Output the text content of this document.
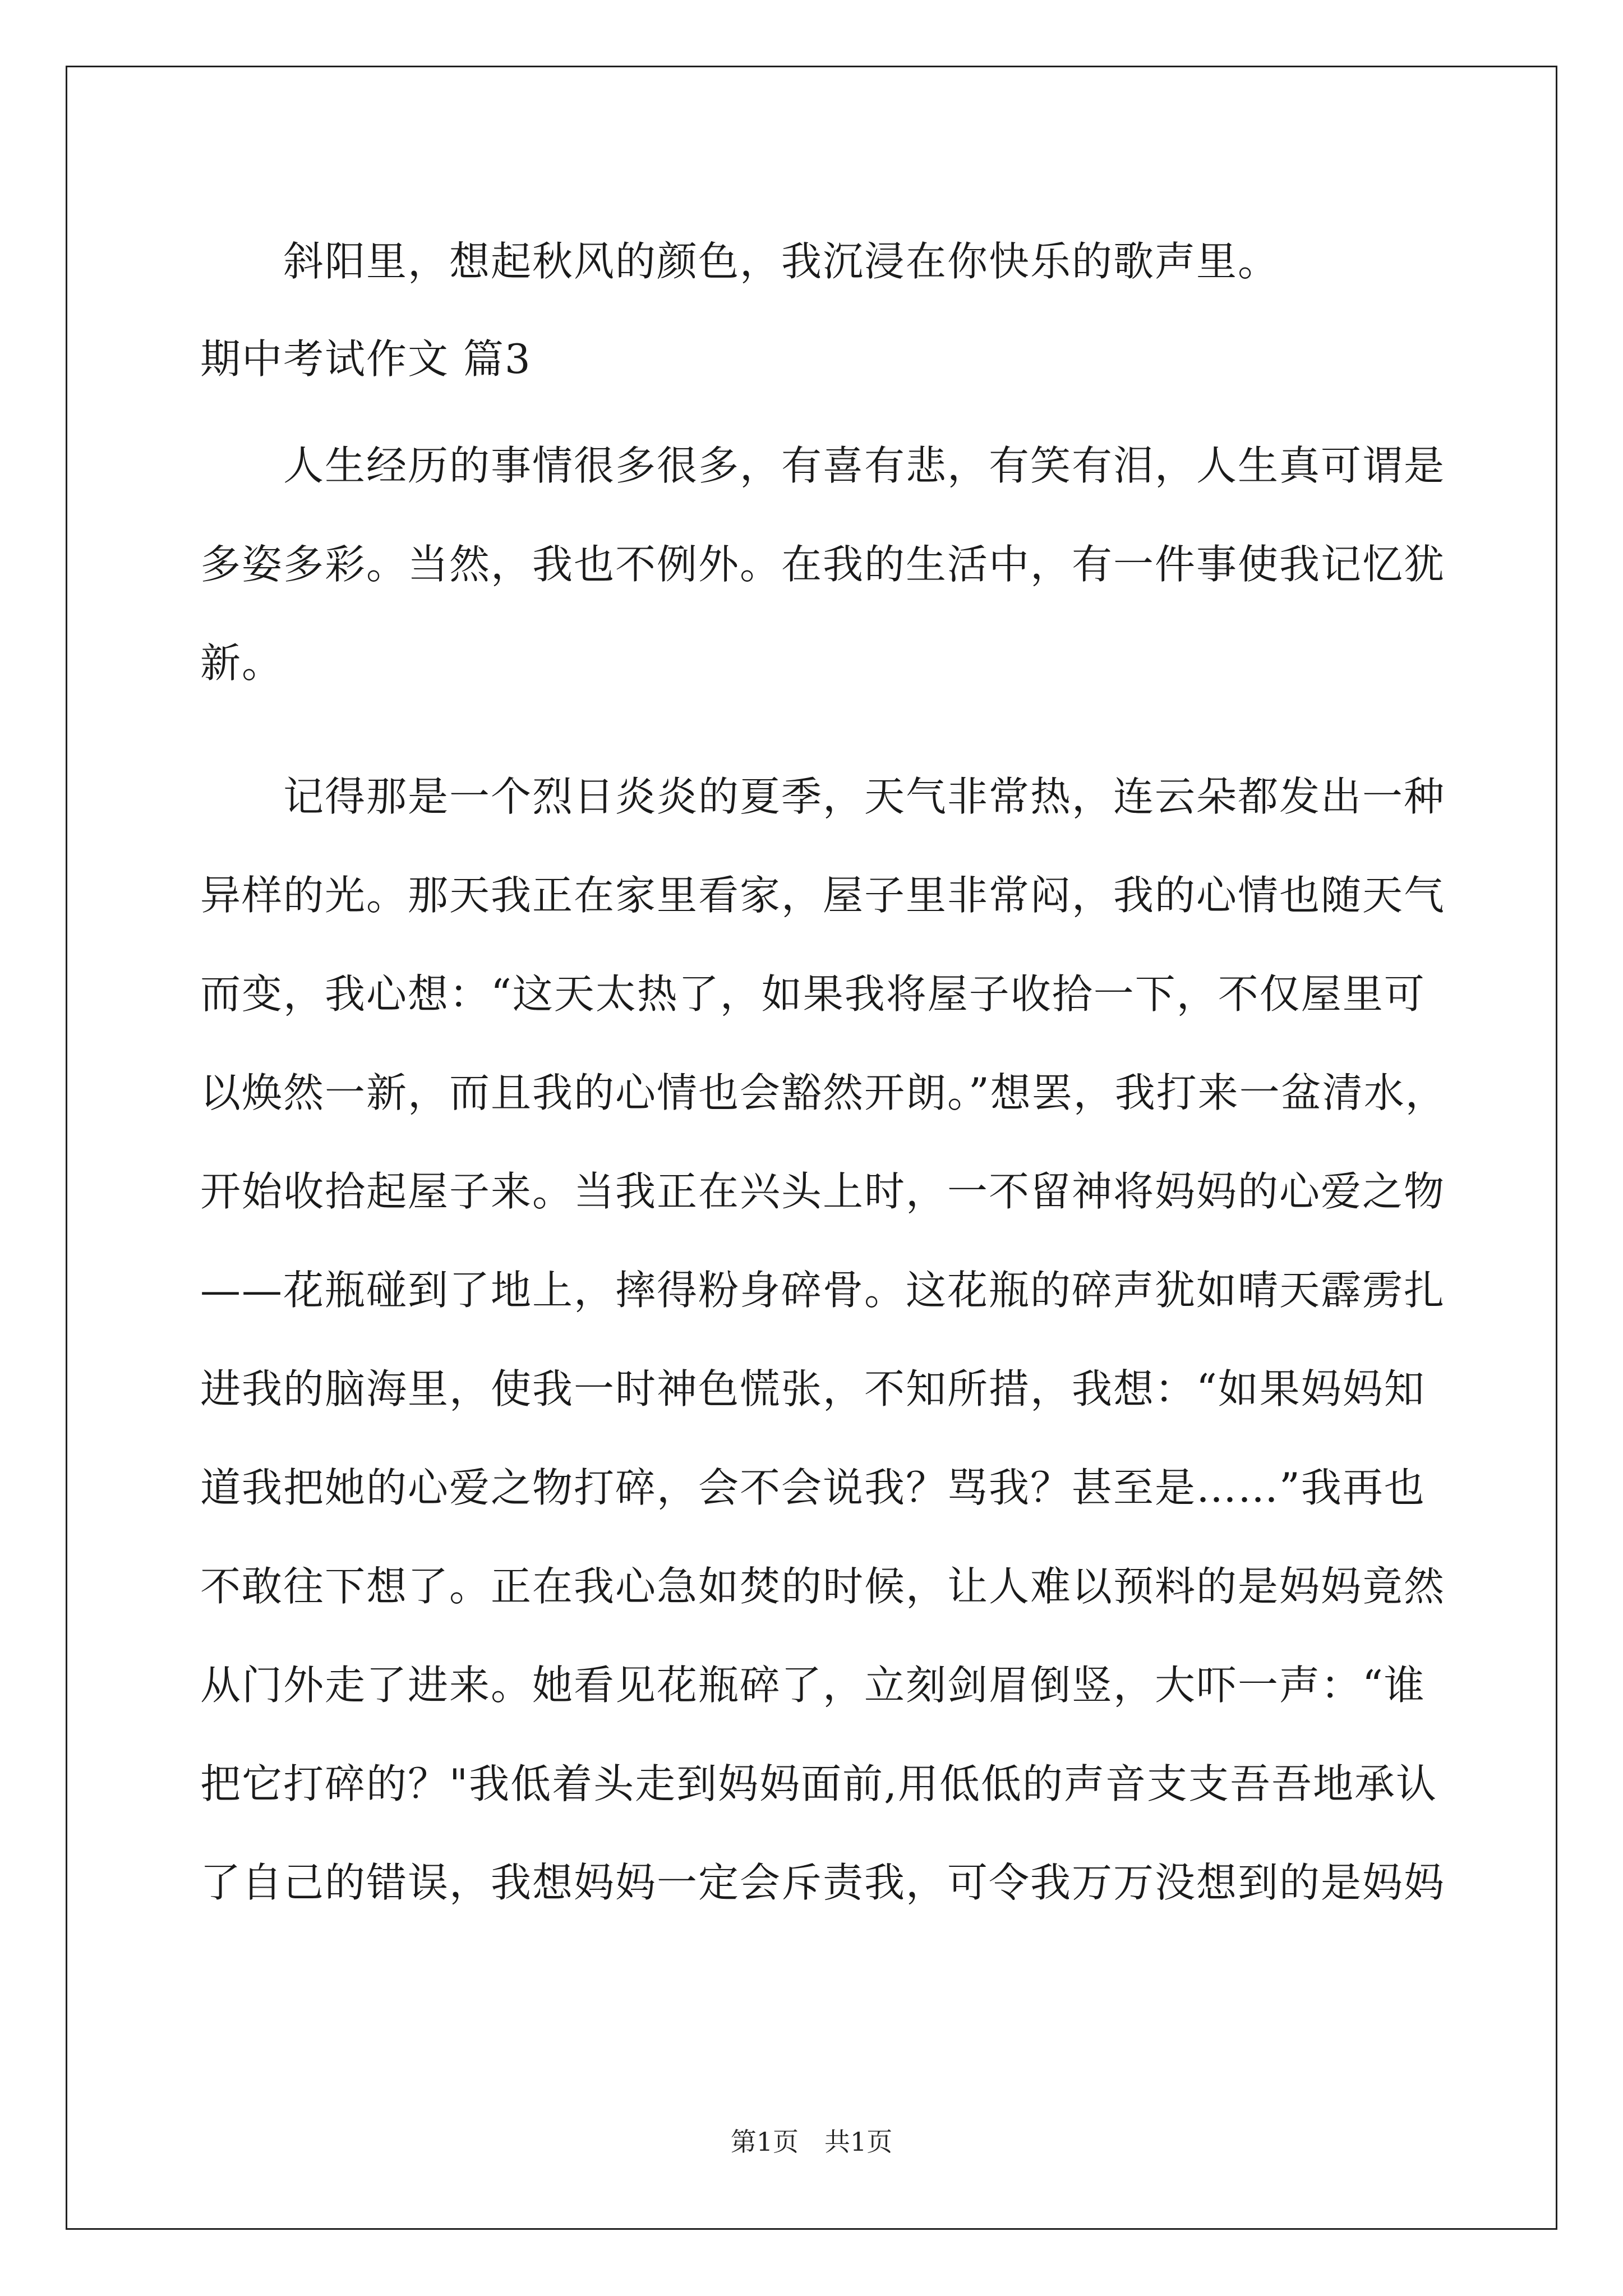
斜阳里，想起秋风的颜色，我沉浸在你快乐的歌声里。
期中考试作文 篇3
人生经历的事情很多很多，有喜有悲，有笑有泪，人生真可谓是
多姿多彩。当然，我也不例外。在我的生活中，有一件事使我记忆犹
新。
记得那是一个烈日炎炎的夏季，天气非常热，连云朵都发出一种
异样的光。那天我正在家里看家，屋子里非常闷，我的心情也随天气
而变，我心想：“这天太热了，如果我将屋子收拾一下，不仅屋里可
以焕然一新，而且我的心情也会豁然开朗。”想罢，我打来一盆清水，
开始收拾起屋子来。当我正在兴头上时，一不留神将妈妈的心爱之物
——花瓶碰到了地上，摔得粉身碎骨。这花瓶的碎声犹如晴天霹雳扎
进我的脑海里，使我一时神色慌张，不知所措，我想：“如果妈妈知
道我把她的心爱之物打碎，会不会说我？骂我？甚至是……”我再也
不敢往下想了。正在我心急如焚的时候，让人难以预料的是妈妈竟然
从门外走了进来。她看见花瓶碎了，立刻剑眉倒竖，大吓一声：“谁
把它打碎的？"我低着头走到妈妈面前,用低低的声音支支吾吾地承认
了自己的错误，我想妈妈一定会斥责我，可令我万万没想到的是妈妈
第1页　共1页
